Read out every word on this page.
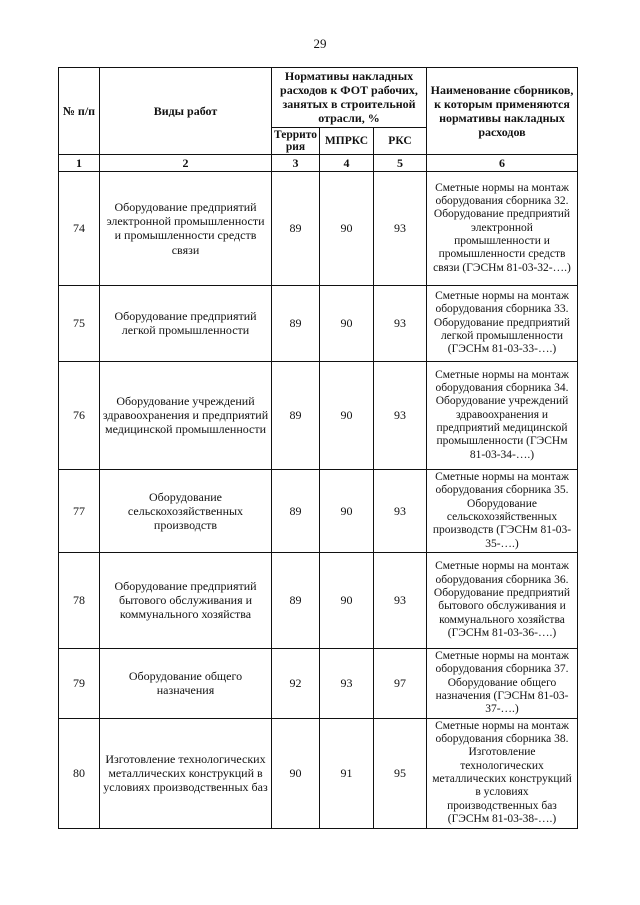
29
№ п/п	Виды работ	Нормативы накладных расходов к ФОТ рабочих, занятых в строительной отрасли, %			Наименование сборников, к которым применяются нормативы накладных расходов
		Террито рия	МПРКС	РКС	
1	2	3	4	5	6
74	Оборудование предприятий электронной промышленности и промышленности средств связи	89	90	93	Сметные нормы на монтаж оборудования сборника 32. Оборудование предприятий электронной промышленности и промышленности средств связи (ГЭСНм 81-03-32-….)
75	Оборудование предприятий легкой промышленности	89	90	93	Сметные нормы на монтаж оборудования сборника 33. Оборудование предприятий легкой промышленности (ГЭСНм 81-03-33-….)
76	Оборудование учреждений здравоохранения и предприятий медицинской промышленности	89	90	93	Сметные нормы на монтаж оборудования сборника 34. Оборудование учреждений здравоохранения и предприятий медицинской промышленности (ГЭСНм 81-03-34-….)
77	Оборудование сельскохозяйственных производств	89	90	93	Сметные нормы на монтаж оборудования сборника 35. Оборудование сельскохозяйственных производств (ГЭСНм 81-03-35-….)
78	Оборудование предприятий бытового обслуживания и коммунального хозяйства	89	90	93	Сметные нормы на монтаж оборудования сборника 36. Оборудование предприятий бытового обслуживания и коммунального хозяйства (ГЭСНм 81-03-36-….)
79	Оборудование общего назначения	92	93	97	Сметные нормы на монтаж оборудования сборника 37. Оборудование общего назначения (ГЭСНм 81-03-37-….)
80	Изготовление технологических металлических конструкций в условиях производственных баз	90	91	95	Сметные нормы на монтаж оборудования сборника 38. Изготовление технологических металлических конструкций в условиях производственных баз (ГЭСНм 81-03-38-….)
